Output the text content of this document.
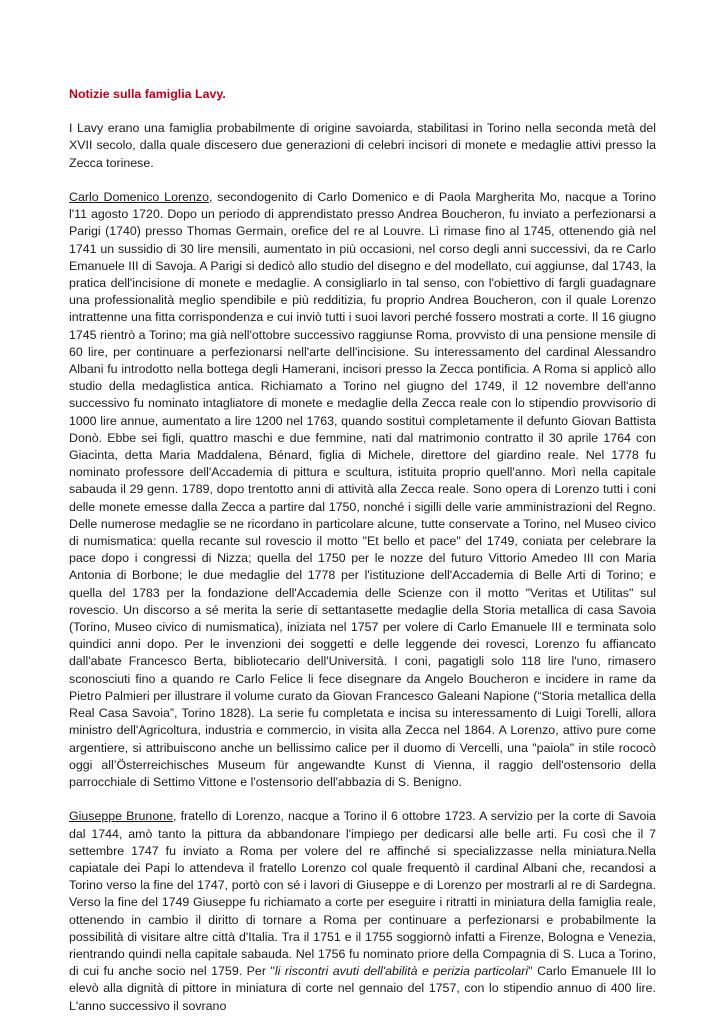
Notizie sulla famiglia Lavy.

I Lavy erano una famiglia probabilmente di origine savoiarda, stabilitasi in Torino nella seconda metà del XVII secolo, dalla quale discesero due generazioni di celebri incisori di monete e medaglie attivi presso la Zecca torinese.

Carlo Domenico Lorenzo, secondogenito di Carlo Domenico e di Paola Margherita Mo, nacque a Torino l'11 agosto 1720. Dopo un periodo di apprendistato presso Andrea Boucheron, fu inviato a perfezionarsi a Parigi (1740) presso Thomas Germain, orefice del re al Louvre. Lì rimase fino al 1745, ottenendo già nel 1741 un sussidio di 30 lire mensili, aumentato in più occasioni, nel corso degli anni successivi, da re Carlo Emanuele III di Savoja. A Parigi si dedicò allo studio del disegno e del modellato, cui aggiunse, dal 1743, la pratica dell'incisione di monete e medaglie. A consigliarlo in tal senso, con l'obiettivo di fargli guadagnare una professionalità meglio spendibile e più redditizia, fu proprio Andrea Boucheron, con il quale Lorenzo intrattenne una fitta corrispondenza e cui inviò tutti i suoi lavori perché fossero mostrati a corte. Il 16 giugno 1745 rientrò a Torino; ma già nell'ottobre successivo raggiunse Roma, provvisto di una pensione mensile di 60 lire, per continuare a perfezionarsi nell'arte dell'incisione. Su interessamento del cardinal Alessandro Albani fu introdotto nella bottega degli Hamerani, incisori presso la Zecca pontificia. A Roma si applicò allo studio della medaglistica antica. Richiamato a Torino nel giugno del 1749, il 12 novembre dell'anno successivo fu nominato intagliatore di monete e medaglie della Zecca reale con lo stipendio provvisorio di 1000 lire annue, aumentato a lire 1200 nel 1763, quando sostituì completamente il defunto Giovan Battista Donò. Ebbe sei figli, quattro maschi e due femmine, nati dal matrimonio contratto il 30 aprile 1764 con Giacinta, detta Maria Maddalena, Bénard, figlia di Michele, direttore del giardino reale. Nel 1778 fu nominato professore dell'Accademia di pittura e scultura, istituita proprio quell'anno. Morì nella capitale sabauda il 29 genn. 1789, dopo trentotto anni di attività alla Zecca reale. Sono opera di Lorenzo tutti i coni delle monete emesse dalla Zecca a partire dal 1750, nonché i sigilli delle varie amministrazioni del Regno. Delle numerose medaglie se ne ricordano in particolare alcune, tutte conservate a Torino, nel Museo civico di numismatica: quella recante sul rovescio il motto "Et bello et pace" del 1749, coniata per celebrare la pace dopo i congressi di Nizza; quella del 1750 per le nozze del futuro Vittorio Amedeo III con Maria Antonia di Borbone; le due medaglie del 1778 per l'istituzione dell'Accademia di Belle Arti di Torino; e quella del 1783 per la fondazione dell'Accademia delle Scienze con il motto "Veritas et Utilitas" sul rovescio. Un discorso a sé merita la serie di settantasette medaglie della Storia metallica di casa Savoia (Torino, Museo civico di numismatica), iniziata nel 1757 per volere di Carlo Emanuele III e terminata solo quindici anni dopo. Per le invenzioni dei soggetti e delle leggende dei rovesci, Lorenzo fu affiancato dall'abate Francesco Berta, bibliotecario dell'Università. I coni, pagatigli solo 118 lire l'uno, rimasero sconosciuti fino a quando re Carlo Felice li fece disegnare da Angelo Boucheron e incidere in rame da Pietro Palmieri per illustrare il volume curato da Giovan Francesco Galeani Napione (“Storia metallica della Real Casa Savoia”, Torino 1828). La serie fu completata e incisa su interessamento di Luigi Torelli, allora ministro dell'Agricoltura, industria e commercio, in visita alla Zecca nel 1864. A Lorenzo, attivo pure come argentiere, si attribuiscono anche un bellissimo calice per il duomo di Vercelli, una "paiola" in stile rococò oggi all’Österreichisches Museum für angewandte Kunst di Vienna, il raggio dell'ostensorio della parrocchiale di Settimo Vittone e l'ostensorio dell'abbazia di S. Benigno.

Giuseppe Brunone, fratello di Lorenzo, nacque a Torino il 6 ottobre 1723. A servizio per la corte di Savoia dal 1744, amò tanto la pittura da abbandonare l'impiego per dedicarsi alle belle arti. Fu così che il 7 settembre 1747 fu inviato a Roma per volere del re affinché si specializzasse nella miniatura.Nella capiatale dei Papi lo attendeva il fratello Lorenzo col quale frequentò il cardinal Albani che, recandosi a Torino verso la fine del 1747, portò con sé i lavori di Giuseppe e di Lorenzo per mostrarli al re di Sardegna. Verso la fine del 1749 Giuseppe fu richiamato a corte per eseguire i ritratti in miniatura della famiglia reale, ottenendo in cambio il diritto di tornare a Roma per continuare a perfezionarsi e probabilmente la possibilità di visitare altre città d'Italia. Tra il 1751 e il 1755 soggiornò infatti a Firenze, Bologna e Venezia, rientrando quindi nella capitale sabauda. Nel 1756 fu nominato priore della Compagnia di S. Luca a Torino, di cui fu anche socio nel 1759. Per "li riscontri avuti dell'abilità e perizia particolari" Carlo Emanuele III lo elevò alla dignità di pittore in miniatura di corte nel gennaio del 1757, con lo stipendio annuo di 400 lire. L'anno successivo il sovrano
